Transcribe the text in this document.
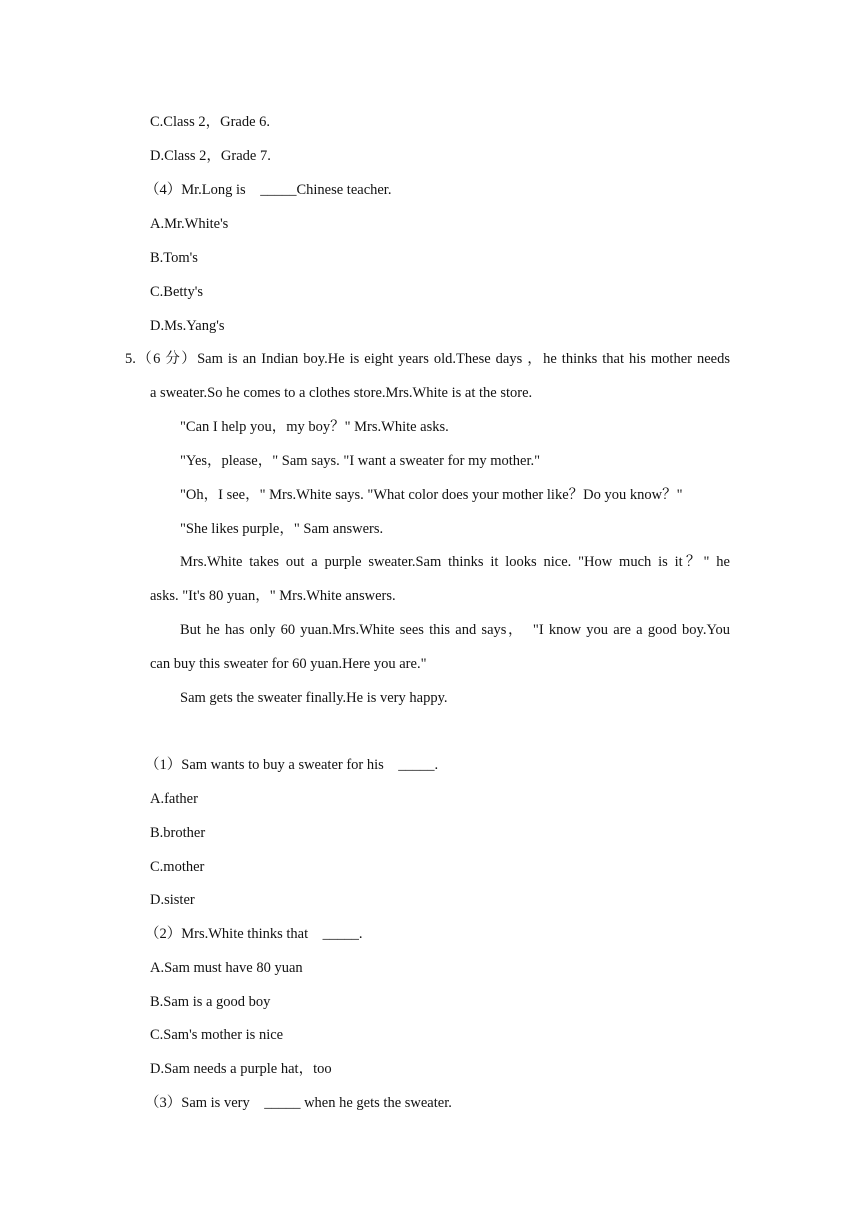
C.Class 2，Grade 6.
D.Class 2，Grade 7.
（4）Mr.Long is　_____Chinese teacher.
A.Mr.White's
B.Tom's
C.Betty's
D.Ms.Yang's
5.（6 分）Sam is an Indian boy.He is eight years old.These days ，he thinks that his mother needs
a sweater.So he comes to a clothes store.Mrs.White is at the store.
"Can I help you，my boy？" Mrs.White asks.
"Yes，please，" Sam says. "I want a sweater for my mother."
"Oh，I see，" Mrs.White says. "What color does your mother like？Do you know？"
"She likes purple，" Sam answers.
Mrs.White takes out a purple sweater.Sam thinks it looks nice. "How much is it？" he
asks. "It's 80 yuan，" Mrs.White answers.
But he has only 60 yuan.Mrs.White sees this and says，　"I know you are a good boy.You
can buy this sweater for 60 yuan.Here you are."
Sam gets the sweater finally.He is very happy.
（1）Sam wants to buy a sweater for his　_____.
A.father
B.brother
C.mother
D.sister
（2）Mrs.White thinks that　_____.
A.Sam must have 80 yuan
B.Sam is a good boy
C.Sam's mother is nice
D.Sam needs a purple hat，too
（3）Sam is very　_____ when he gets the sweater.
